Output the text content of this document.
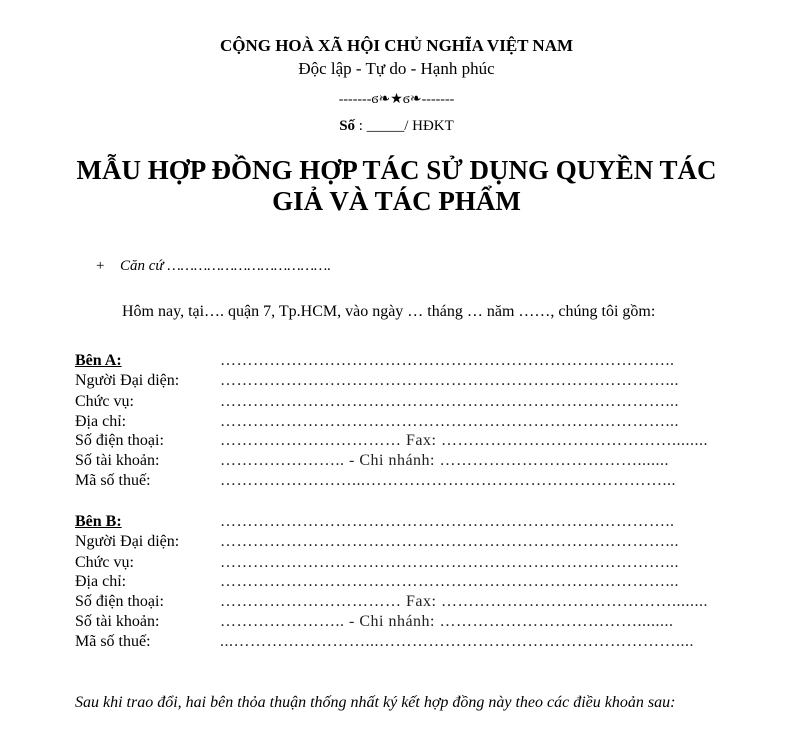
CỘNG HOÀ XÃ HỘI CHỦ NGHĨA VIỆT NAM
Độc lập - Tự do - Hạnh phúc
-------ϭ❧★ϭ❧-------
Số : _____/ HĐKT
MẪU HỢP ĐỒNG HỢP TÁC SỬ DỤNG QUYỀN TÁC
GIẢ VÀ TÁC PHẨM
+ Căn cứ ……………………………….
Hôm nay, tại…. quận 7, Tp.HCM, vào ngày … tháng … năm ……, chúng tôi gồm:
Bên A:	………………………………………………………………………..
Người Đại diện:	………………………………………………………………………...
Chức vụ:	………………………………………………………………………...
Địa chỉ:	………………………………………………………………………...
Số điện thoại:	…………………………… Fax: ……………………………………........
Số tài khoản:	………………….. - Chi nhánh: ……………………………….......
Mã số thuế:	……………………...………………………………………………...
Bên B:	………………………………………………………………………..
Người Đại diện:	………………………………………………………………………...
Chức vụ:	………………………………………………………………………...
Địa chỉ:	………………………………………………………………………...
Số điện thoại:	…………………………… Fax: ……………………………………........
Số tài khoản:	………………….. - Chi nhánh: ………………………………........
Mã số thuế:	...……………………...………………………………………………....
Sau khi trao đổi, hai bên thỏa thuận thống nhất ký kết hợp đồng này theo các điều khoản sau:
